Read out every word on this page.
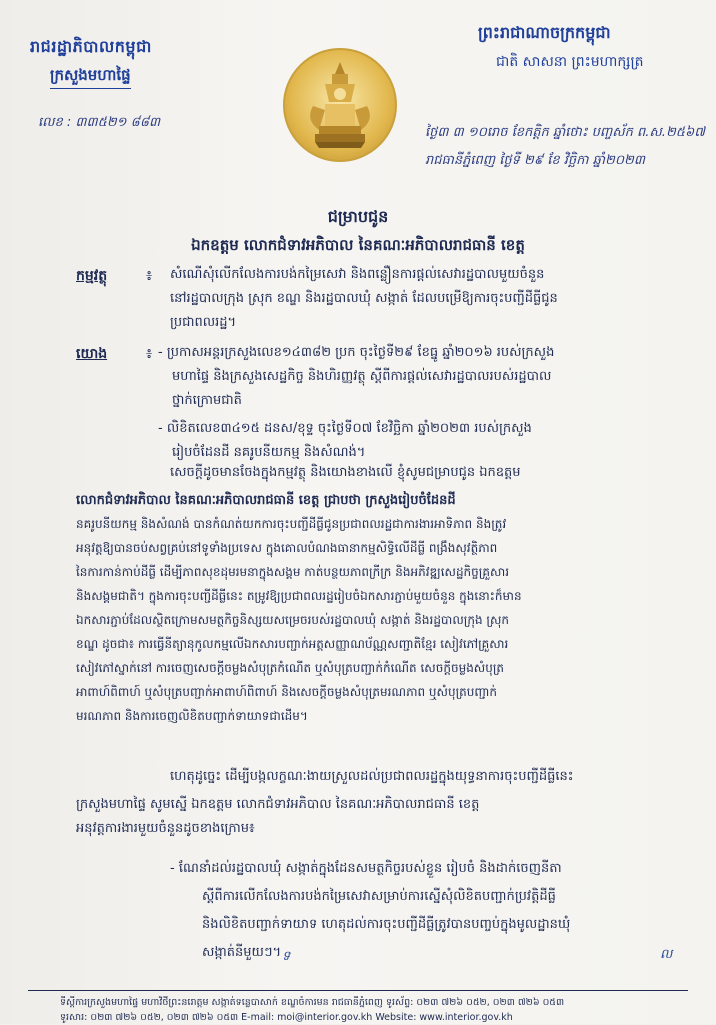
រាជរដ្ឋាភិបាលកម្ពុជា
ក្រសួងមហាផ្ទៃ
លេខ : ៣៣៥២១ ៨៨៣
ព្រះរាជាណាចក្រកម្ពុជា
ជាតិ សាសនា ព្រះមហាក្សត្រ
ថ្ងៃ៣ ៣ ១០រោច ខែកត្តិក ឆ្នាំថោះ បញ្ចស័ក ព.ស.២៥៦៧
រាជធានីភ្នំពេញ ថ្ងៃទី ២៩ ខែ វិច្ឆិកា ឆ្នាំ២០២៣
ជម្រាបជូន
ឯកឧត្តម លោកជំទាវអភិបាល នៃគណៈអភិបាលរាជធានី ខេត្ត
កម្មវត្ថុ	៖ សំណើសុំលើកលែងការបង់កម្រៃសេវា និងពន្លឿនការផ្តល់សេវារដ្ឋបាលមួយចំនួន
នៅរដ្ឋបាលក្រុង ស្រុក ខណ្ឌ និងរដ្ឋបាលឃុំ សង្កាត់ ដែលបម្រើឱ្យការចុះបញ្ជីដីធ្លីជូន
ប្រជាពលរដ្ឋ។
យោង	៖ - ប្រកាសអន្តរក្រសួងលេខ១៤៣៨២ ប្រក ចុះថ្ងៃទី២៩ ខែធ្នូ ឆ្នាំ២០១៦ របស់ក្រសួង
មហាផ្ទៃ និងក្រសួងសេដ្ឋកិច្ច និងហិរញ្ញវត្ថុ ស្តីពីការផ្តល់សេវារដ្ឋបាលរបស់រដ្ឋបាល
ថ្នាក់ក្រោមជាតិ
- លិខិតលេខ៣៤១៥ ដនស/ខុទ្ទ ចុះថ្ងៃទី០៧ ខែវិច្ឆិកា ឆ្នាំ២០២៣ របស់ក្រសួង
រៀបចំដែនដី នគរូបនីយកម្ម និងសំណង់។
សេចក្តីដូចមានចែងក្នុងកម្មវត្ថុ និងយោងខាងលើ ខ្ញុំសូមជម្រាបជូន ឯកឧត្តម
លោកជំទាវអភិបាល នៃគណៈអភិបាលរាជធានី ខេត្ត ជ្រាបថា ក្រសួងរៀបចំដែនដី
នគរូបនីយកម្ម និងសំណង់ បានកំណត់យកការចុះបញ្ជីដីធ្លីជូនប្រជាពលរដ្ឋជាការងារអាទិភាព និងត្រូវ
អនុវត្តឱ្យបានចប់សព្វគ្រប់នៅទូទាំងប្រទេស ក្នុងគោលបំណងធានាកម្មសិទ្ធិលើដីធ្លី ពង្រឹងសុវត្ថិភាព
នៃការកាន់កាប់ដីធ្លី ដើម្បីភាពសុខដុមរមនាក្នុងសង្គម កាត់បន្ថយភាពក្រីក្រ និងអភិវឌ្ឍសេដ្ឋកិច្ចគ្រួសារ
និងសង្គមជាតិ។ ក្នុងការចុះបញ្ជីដីធ្លីនេះ តម្រូវឱ្យប្រជាពលរដ្ឋរៀបចំឯកសារភ្ជាប់មួយចំនួន ក្នុងនោះក៏មាន
ឯកសារភ្ជាប់ដែលស្ថិតក្រោមសមត្ថកិច្ចនិស្សយសម្រេចរបស់រដ្ឋបាលឃុំ សង្កាត់ និងរដ្ឋបាលក្រុង ស្រុក
ខណ្ឌ ដូចជា៖ ការធ្វើនីត្យានុកូលកម្មលើឯកសារបញ្ជាក់អត្តសញ្ញាណប័ណ្ណសញ្ជាតិខ្មែរ សៀវភៅគ្រួសារ
សៀវភៅស្នាក់នៅ ការចេញសេចក្តីចម្លងសំបុត្រកំណើត ឬសំបុត្របញ្ជាក់កំណើត សេចក្តីចម្លងសំបុត្រ
អាពាហ៍ពិពាហ៍ ឬសំបុត្របញ្ជាក់អាពាហ៍ពិពាហ៍ និងសេចក្តីចម្លងសំបុត្រមរណភាព ឬសំបុត្របញ្ជាក់
មរណភាព និងការចេញលិខិតបញ្ជាក់ទាយាទជាដើម។
ហេតុដូច្នេះ ដើម្បីបង្កលក្ខណៈងាយស្រួលដល់ប្រជាពលរដ្ឋក្នុងយុទ្ធនាការចុះបញ្ជីដីធ្លីនេះ
ក្រសួងមហាផ្ទៃ សូមស្នើ ឯកឧត្តម លោកជំទាវអភិបាល នៃគណៈអភិបាលរាជធានី ខេត្ត
អនុវត្តការងារមួយចំនួនដូចខាងក្រោម៖
- ណែនាំដល់រដ្ឋបាលឃុំ សង្កាត់ក្នុងដែនសមត្ថកិច្ចរបស់ខ្លួន រៀបចំ និងដាក់ចេញនីតា
ស្តីពីការលើកលែងការបង់កម្រៃសេវាសម្រាប់ការស្នើសុំលិខិតបញ្ជាក់ប្រវត្តិដីធ្លី
និងលិខិតបញ្ជាក់ទាយាទ ហេតុដល់ការចុះបញ្ជីដីធ្លីត្រូវបានបញ្ចប់ក្នុងមូលដ្ឋានឃុំ
សង្កាត់នីមួយៗ។ ទ	ល
ទីស្តីការក្រសួងមហាផ្ទៃ មហាវិថីព្រះនរោត្តម សង្កាត់ទន្លេបាសាក់ ខណ្ឌចំការមន រាជធានីភ្នំពេញ ទូរស័ព្ទ: ០២៣ ៧២៦ ០៥២, ០២៣ ៧២៦ ០៥៣
ទូរសារ: ០២៣ ៧២៦ ០៥២, ០២៣ ៧២៦ ០៥៣ E-mail: moi@interior.gov.kh Website: www.interior.gov.kh
